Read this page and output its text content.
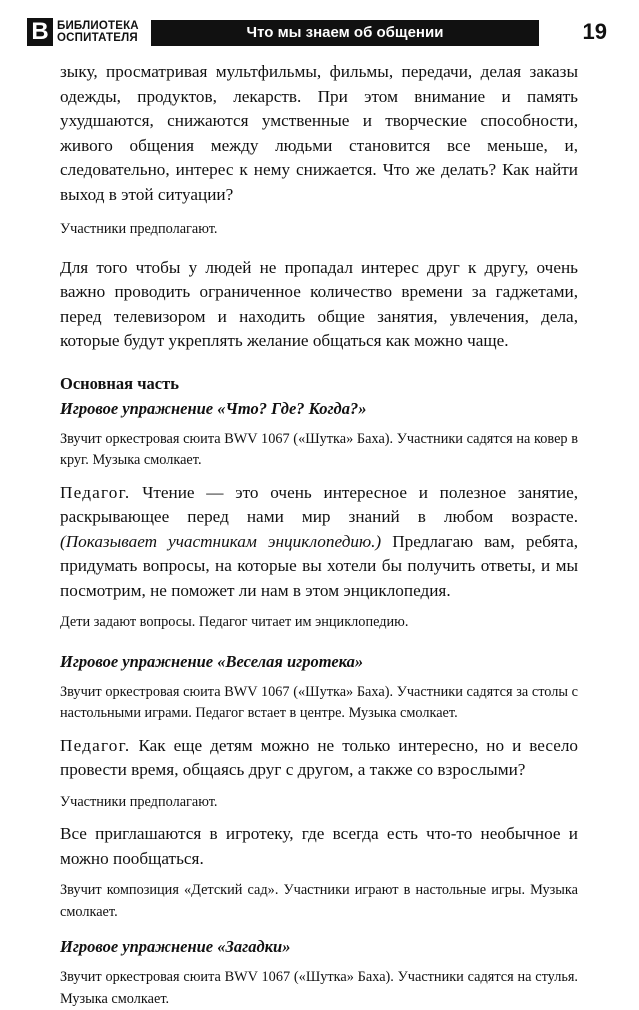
B БИБЛИОТЕКА
ОСПИТАТЕЛЯ	Что мы знаем об общении	19

зыку, просматривая мультфильмы, фильмы, передачи, делая заказы одежды, продуктов, лекарств. При этом внимание и память ухудшаются, снижаются умственные и творческие способности, живого общения между людьми становится все меньше, и, следовательно, интерес к нему снижается. Что же делать? Как найти выход в этой ситуации?

Участники предполагают.

Для того чтобы у людей не пропадал интерес друг к другу, очень важно проводить ограниченное количество времени за гаджетами, перед телевизором и находить общие занятия, увлечения, дела, которые будут укреплять желание общаться как можно чаще.

Основная часть

Игровое упражнение «Что? Где? Когда?»

Звучит оркестровая сюита BWV 1067 («Шутка» Баха). Участники садятся на ковер в круг. Музыка смолкает.

Педагог. Чтение — это очень интересное и полезное занятие, раскрывающее перед нами мир знаний в любом возрасте. (Показывает участникам энциклопедию.) Предлагаю вам, ребята, придумать вопросы, на которые вы хотели бы получить ответы, и мы посмотрим, не поможет ли нам в этом энциклопедия.

Дети задают вопросы. Педагог читает им энциклопедию.

Игровое упражнение «Веселая игротека»

Звучит оркестровая сюита BWV 1067 («Шутка» Баха). Участники садятся за столы с настольными играми. Педагог встает в центре. Музыка смолкает.

Педагог. Как еще детям можно не только интересно, но и весело провести время, общаясь друг с другом, а также со взрослыми?

Участники предполагают.

Все приглашаются в игротеку, где всегда есть что-то необычное и можно пообщаться.

Звучит композиция «Детский сад». Участники играют в настольные игры. Музыка смолкает.

Игровое упражнение «Загадки»

Звучит оркестровая сюита BWV 1067 («Шутка» Баха). Участники садятся на стулья. Музыка смолкает.
